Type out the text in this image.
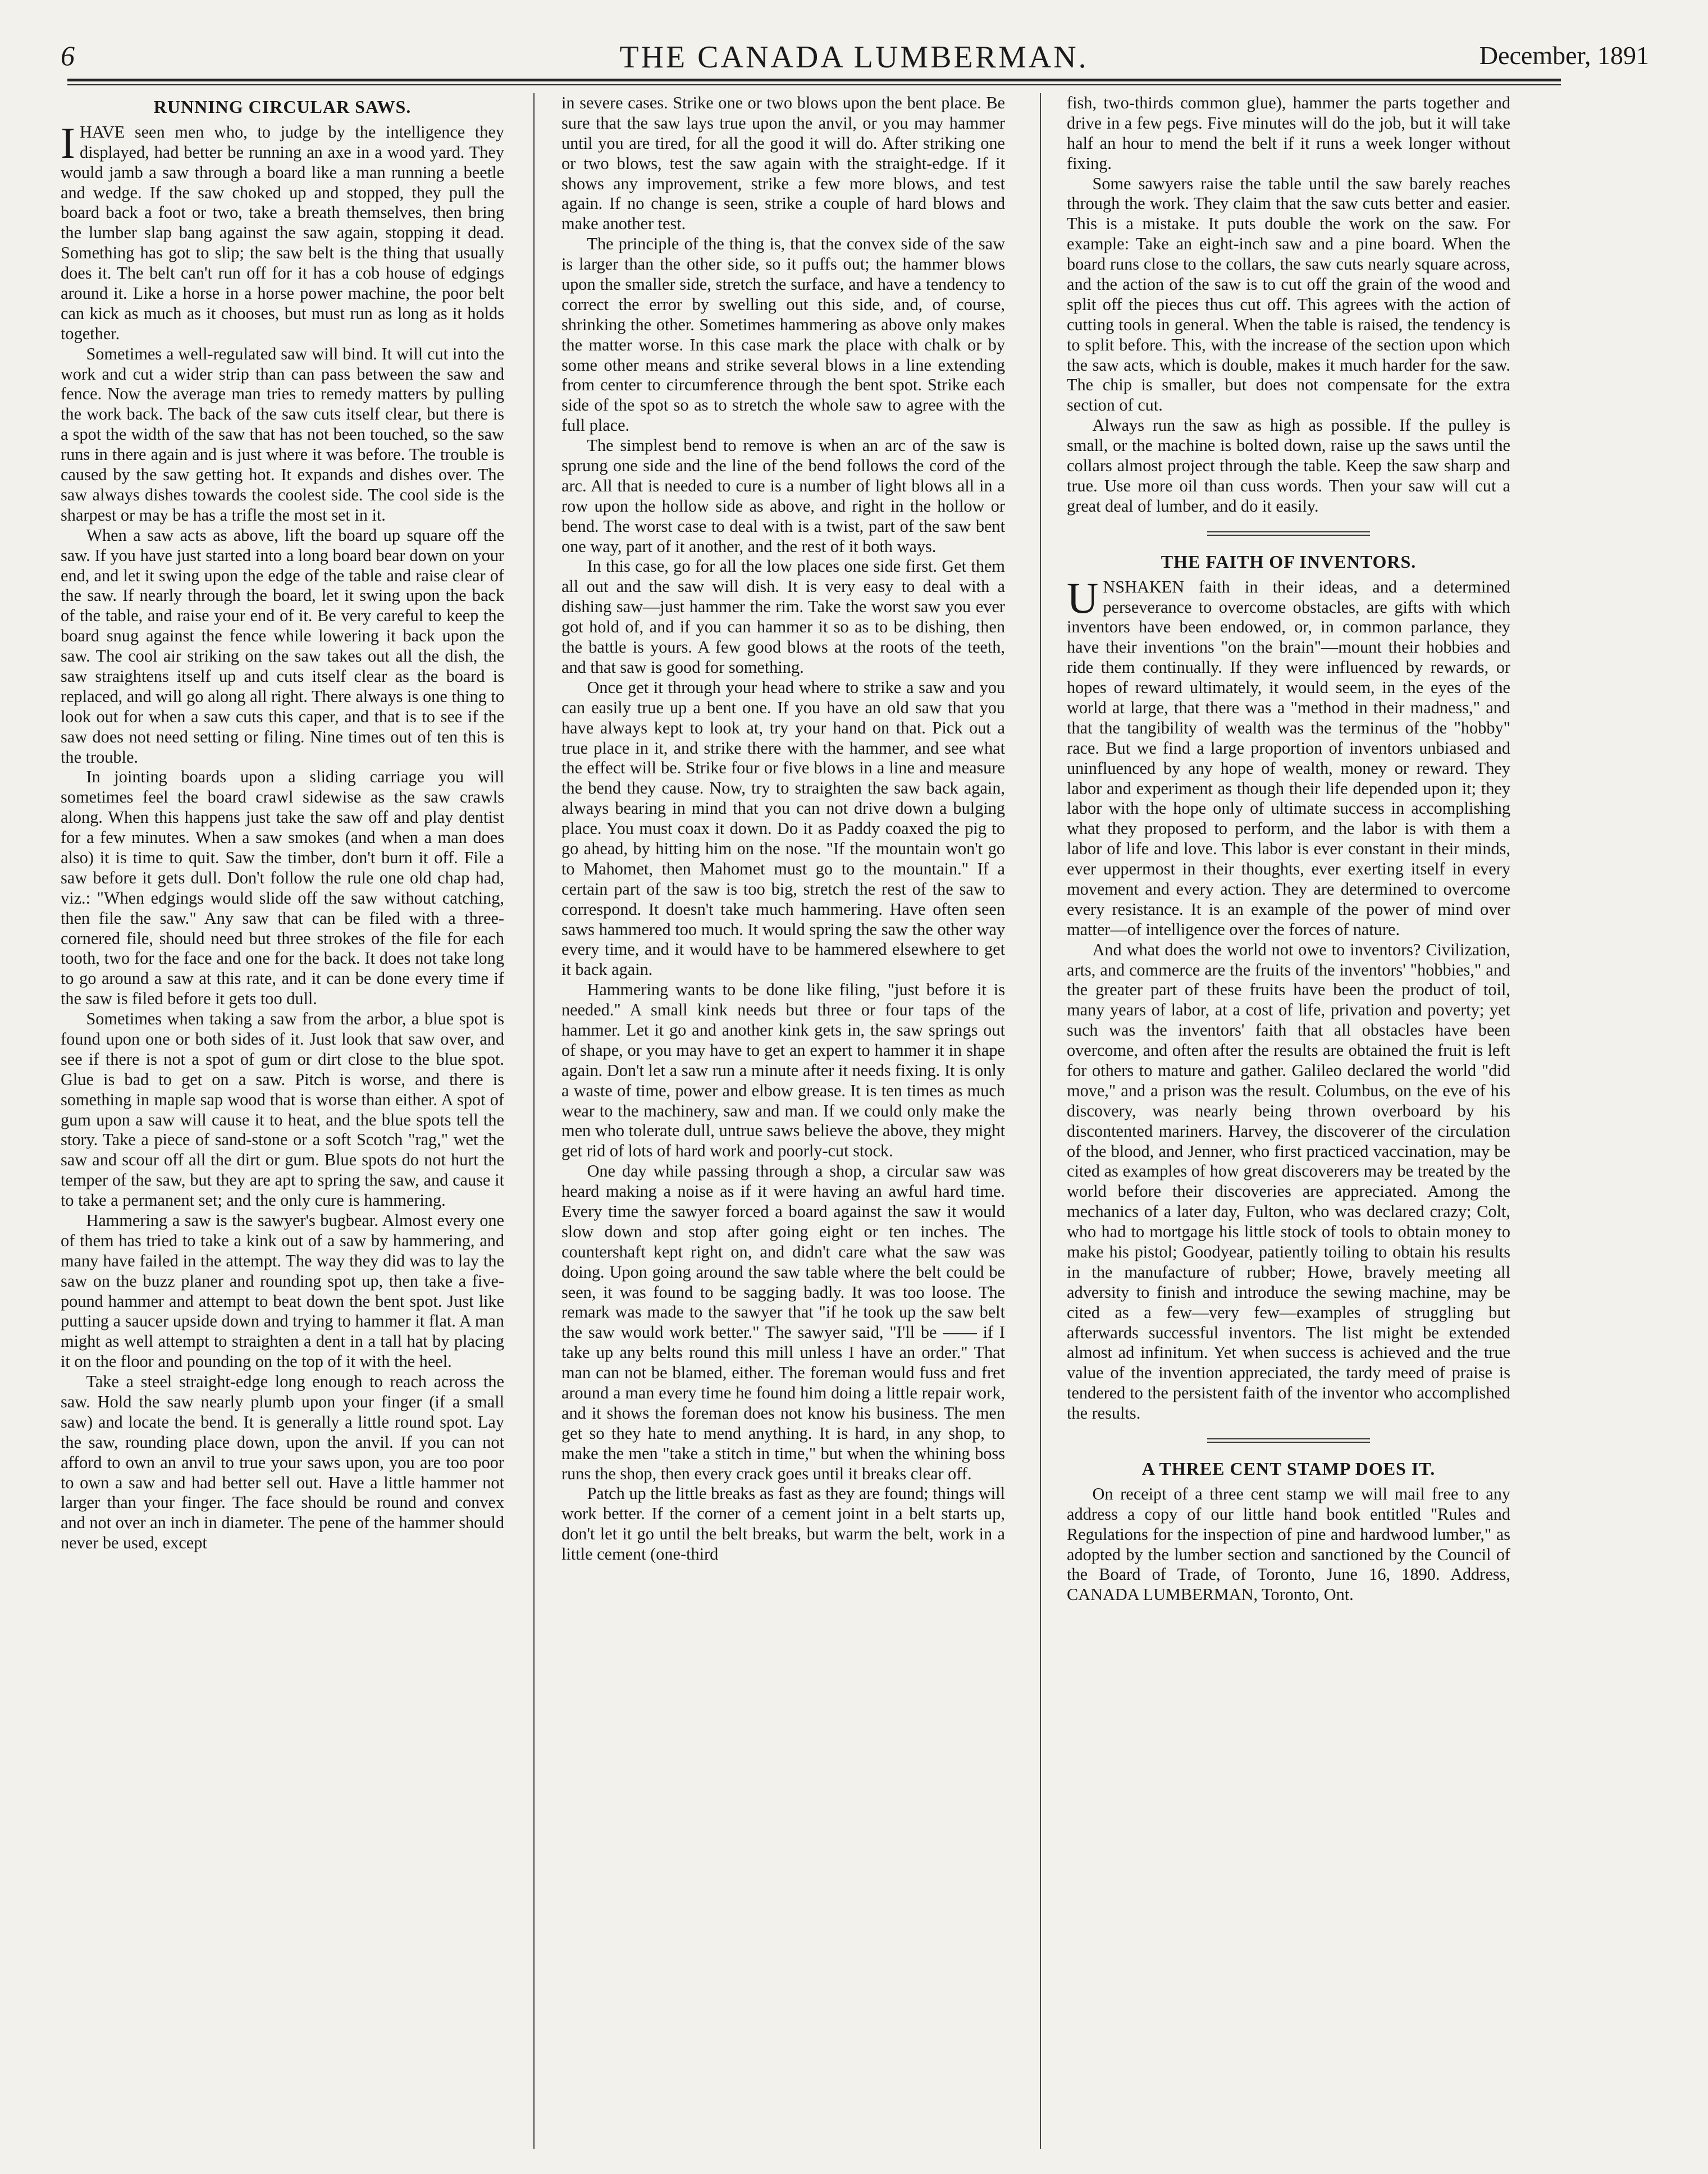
6	THE CANADA LUMBERMAN.	December, 1891
RUNNING CIRCULAR SAWS.

IHAVE seen men who, to judge by the intelligence they displayed, had better be running an axe in a wood yard. They would jamb a saw through a board like a man running a beetle and wedge. If the saw choked up and stopped, they pull the board back a foot or two, take a breath themselves, then bring the lumber slap bang against the saw again, stopping it dead. Something has got to slip; the saw belt is the thing that usually does it. The belt can't run off for it has a cob house of edgings around it. Like a horse in a horse power machine, the poor belt can kick as much as it chooses, but must run as long as it holds together.

Sometimes a well-regulated saw will bind. It will cut into the work and cut a wider strip than can pass between the saw and fence. Now the average man tries to remedy matters by pulling the work back. The back of the saw cuts itself clear, but there is a spot the width of the saw that has not been touched, so the saw runs in there again and is just where it was before. The trouble is caused by the saw getting hot. It expands and dishes over. The saw always dishes towards the coolest side. The cool side is the sharpest or may be has a trifle the most set in it.

When a saw acts as above, lift the board up square off the saw. If you have just started into a long board bear down on your end, and let it swing upon the edge of the table and raise clear of the saw. If nearly through the board, let it swing upon the back of the table, and raise your end of it. Be very careful to keep the board snug against the fence while lowering it back upon the saw. The cool air striking on the saw takes out all the dish, the saw straightens itself up and cuts itself clear as the board is replaced, and will go along all right. There always is one thing to look out for when a saw cuts this caper, and that is to see if the saw does not need setting or filing. Nine times out of ten this is the trouble.

In jointing boards upon a sliding carriage you will sometimes feel the board crawl sidewise as the saw crawls along. When this happens just take the saw off and play dentist for a few minutes. When a saw smokes (and when a man does also) it is time to quit. Saw the timber, don't burn it off. File a saw before it gets dull. Don't follow the rule one old chap had, viz.: "When edgings would slide off the saw without catching, then file the saw." Any saw that can be filed with a three-cornered file, should need but three strokes of the file for each tooth, two for the face and one for the back. It does not take long to go around a saw at this rate, and it can be done every time if the saw is filed before it gets too dull.

Sometimes when taking a saw from the arbor, a blue spot is found upon one or both sides of it. Just look that saw over, and see if there is not a spot of gum or dirt close to the blue spot. Glue is bad to get on a saw. Pitch is worse, and there is something in maple sap wood that is worse than either. A spot of gum upon a saw will cause it to heat, and the blue spots tell the story. Take a piece of sand-stone or a soft Scotch "rag," wet the saw and scour off all the dirt or gum. Blue spots do not hurt the temper of the saw, but they are apt to spring the saw, and cause it to take a permanent set; and the only cure is hammering.

Hammering a saw is the sawyer's bugbear. Almost every one of them has tried to take a kink out of a saw by hammering, and many have failed in the attempt. The way they did was to lay the saw on the buzz planer and rounding spot up, then take a five-pound hammer and attempt to beat down the bent spot. Just like putting a saucer upside down and trying to hammer it flat. A man might as well attempt to straighten a dent in a tall hat by placing it on the floor and pounding on the top of it with the heel.

Take a steel straight-edge long enough to reach across the saw. Hold the saw nearly plumb upon your finger (if a small saw) and locate the bend. It is generally a little round spot. Lay the saw, rounding place down, upon the anvil. If you can not afford to own an anvil to true your saws upon, you are too poor to own a saw and had better sell out. Have a little hammer not larger than your finger. The face should be round and convex and not over an inch in diameter. The pene of the hammer should never be used, except

in severe cases. Strike one or two blows upon the bent place. Be sure that the saw lays true upon the anvil, or you may hammer until you are tired, for all the good it will do. After striking one or two blows, test the saw again with the straight-edge. If it shows any improvement, strike a few more blows, and test again. If no change is seen, strike a couple of hard blows and make another test.

The principle of the thing is, that the convex side of the saw is larger than the other side, so it puffs out; the hammer blows upon the smaller side, stretch the surface, and have a tendency to correct the error by swelling out this side, and, of course, shrinking the other. Sometimes hammering as above only makes the matter worse. In this case mark the place with chalk or by some other means and strike several blows in a line extending from center to circumference through the bent spot. Strike each side of the spot so as to stretch the whole saw to agree with the full place.

The simplest bend to remove is when an arc of the saw is sprung one side and the line of the bend follows the cord of the arc. All that is needed to cure is a number of light blows all in a row upon the hollow side as above, and right in the hollow or bend. The worst case to deal with is a twist, part of the saw bent one way, part of it another, and the rest of it both ways.

In this case, go for all the low places one side first. Get them all out and the saw will dish. It is very easy to deal with a dishing saw—just hammer the rim. Take the worst saw you ever got hold of, and if you can hammer it so as to be dishing, then the battle is yours. A few good blows at the roots of the teeth, and that saw is good for something.

Once get it through your head where to strike a saw and you can easily true up a bent one. If you have an old saw that you have always kept to look at, try your hand on that. Pick out a true place in it, and strike there with the hammer, and see what the effect will be. Strike four or five blows in a line and measure the bend they cause. Now, try to straighten the saw back again, always bearing in mind that you can not drive down a bulging place. You must coax it down. Do it as Paddy coaxed the pig to go ahead, by hitting him on the nose. "If the mountain won't go to Mahomet, then Mahomet must go to the mountain." If a certain part of the saw is too big, stretch the rest of the saw to correspond. It doesn't take much hammering. Have often seen saws hammered too much. It would spring the saw the other way every time, and it would have to be hammered elsewhere to get it back again.

Hammering wants to be done like filing, "just before it is needed." A small kink needs but three or four taps of the hammer. Let it go and another kink gets in, the saw springs out of shape, or you may have to get an expert to hammer it in shape again. Don't let a saw run a minute after it needs fixing. It is only a waste of time, power and elbow grease. It is ten times as much wear to the machinery, saw and man. If we could only make the men who tolerate dull, untrue saws believe the above, they might get rid of lots of hard work and poorly-cut stock.

One day while passing through a shop, a circular saw was heard making a noise as if it were having an awful hard time. Every time the sawyer forced a board against the saw it would slow down and stop after going eight or ten inches. The countershaft kept right on, and didn't care what the saw was doing. Upon going around the saw table where the belt could be seen, it was found to be sagging badly. It was too loose. The remark was made to the sawyer that "if he took up the saw belt the saw would work better." The sawyer said, "I'll be —— if I take up any belts round this mill unless I have an order." That man can not be blamed, either. The foreman would fuss and fret around a man every time he found him doing a little repair work, and it shows the foreman does not know his business. The men get so they hate to mend anything. It is hard, in any shop, to make the men "take a stitch in time," but when the whining boss runs the shop, then every crack goes until it breaks clear off.

Patch up the little breaks as fast as they are found; things will work better. If the corner of a cement joint in a belt starts up, don't let it go until the belt breaks, but warm the belt, work in a little cement (one-third

fish, two-thirds common glue), hammer the parts together and drive in a few pegs. Five minutes will do the job, but it will take half an hour to mend the belt if it runs a week longer without fixing.

Some sawyers raise the table until the saw barely reaches through the work. They claim that the saw cuts better and easier. This is a mistake. It puts double the work on the saw. For example: Take an eight-inch saw and a pine board. When the board runs close to the collars, the saw cuts nearly square across, and the action of the saw is to cut off the grain of the wood and split off the pieces thus cut off. This agrees with the action of cutting tools in general. When the table is raised, the tendency is to split before. This, with the increase of the section upon which the saw acts, which is double, makes it much harder for the saw. The chip is smaller, but does not compensate for the extra section of cut.

Always run the saw as high as possible. If the pulley is small, or the machine is bolted down, raise up the saws until the collars almost project through the table. Keep the saw sharp and true. Use more oil than cuss words. Then your saw will cut a great deal of lumber, and do it easily.

THE FAITH OF INVENTORS.

UNSHAKEN faith in their ideas, and a determined perseverance to overcome obstacles, are gifts with which inventors have been endowed, or, in common parlance, they have their inventions "on the brain"—mount their hobbies and ride them continually. If they were influenced by rewards, or hopes of reward ultimately, it would seem, in the eyes of the world at large, that there was a "method in their madness," and that the tangibility of wealth was the terminus of the "hobby" race. But we find a large proportion of inventors unbiased and uninfluenced by any hope of wealth, money or reward. They labor and experiment as though their life depended upon it; they labor with the hope only of ultimate success in accomplishing what they proposed to perform, and the labor is with them a labor of life and love. This labor is ever constant in their minds, ever uppermost in their thoughts, ever exerting itself in every movement and every action. They are determined to overcome every resistance. It is an example of the power of mind over matter—of intelligence over the forces of nature.

And what does the world not owe to inventors? Civilization, arts, and commerce are the fruits of the inventors' "hobbies," and the greater part of these fruits have been the product of toil, many years of labor, at a cost of life, privation and poverty; yet such was the inventors' faith that all obstacles have been overcome, and often after the results are obtained the fruit is left for others to mature and gather. Galileo declared the world "did move," and a prison was the result. Columbus, on the eve of his discovery, was nearly being thrown overboard by his discontented mariners. Harvey, the discoverer of the circulation of the blood, and Jenner, who first practiced vaccination, may be cited as examples of how great discoverers may be treated by the world before their discoveries are appreciated. Among the mechanics of a later day, Fulton, who was declared crazy; Colt, who had to mortgage his little stock of tools to obtain money to make his pistol; Goodyear, patiently toiling to obtain his results in the manufacture of rubber; Howe, bravely meeting all adversity to finish and introduce the sewing machine, may be cited as a few—very few—examples of struggling but afterwards successful inventors. The list might be extended almost ad infinitum. Yet when success is achieved and the true value of the invention appreciated, the tardy meed of praise is tendered to the persistent faith of the inventor who accomplished the results.

A THREE CENT STAMP DOES IT.

On receipt of a three cent stamp we will mail free to any address a copy of our little hand book entitled "Rules and Regulations for the inspection of pine and hardwood lumber," as adopted by the lumber section and sanctioned by the Council of the Board of Trade, of Toronto, June 16, 1890. Address, CANADA LUMBERMAN, Toronto, Ont.
